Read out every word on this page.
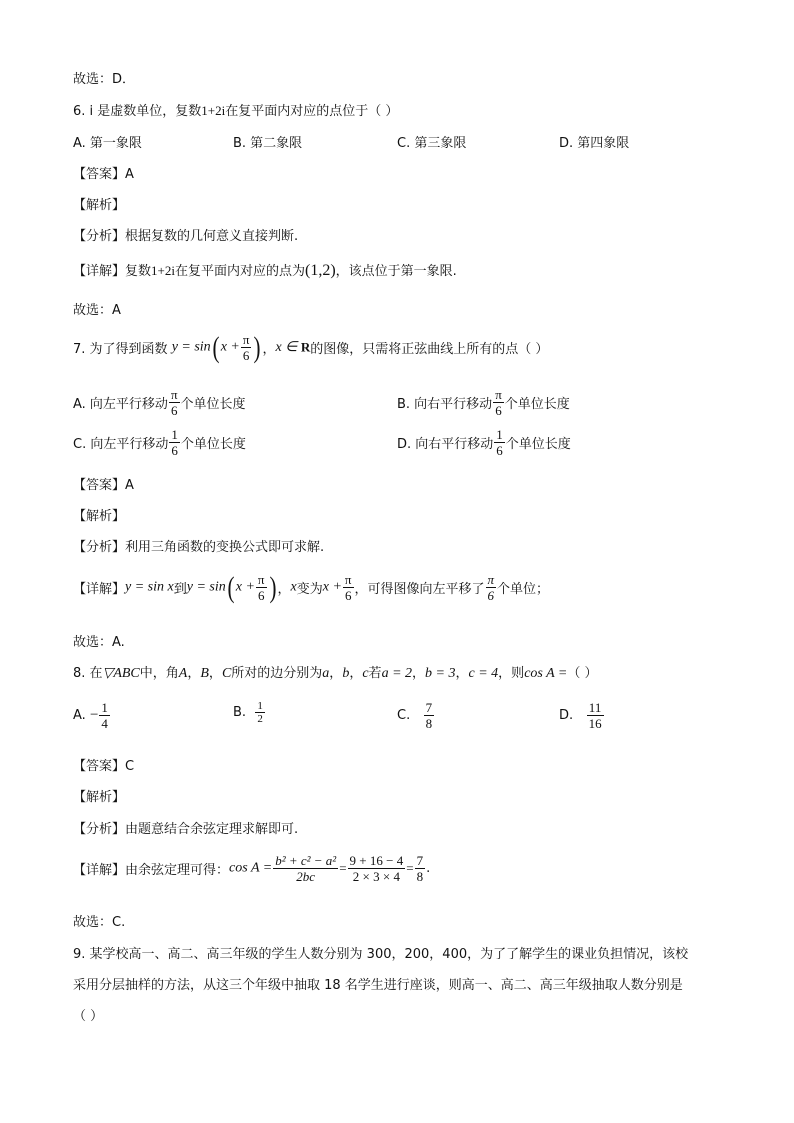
故选：D．
6. i 是虚数单位，复数1+2i在复平面内对应的点位于（ ）
A. 第一象限	B. 第二象限	C. 第三象限	D. 第四象限
【答案】A
【解析】
【分析】根据复数的几何意义直接判断.
【详解】复数1+2i在复平面内对应的点为(1,2)，该点位于第一象限.
故选：A
7. 为了得到函数 y = sin( $x + \frac{\pi}{6}$ ) ，x ∈ R的图像，只需将正弦曲线上所有的点（ ）
A. 向左平行移动 $\frac{\pi}{6}$ 个单位长度	B. 向右平行移动 $\frac{\pi}{6}$ 个单位长度
C. 向左平行移动 $\frac{1}{6}$ 个单位长度	D. 向右平行移动 $\frac{1}{6}$ 个单位长度
【答案】A
【解析】
【分析】利用三角函数的变换公式即可求解.
【详解】y = sin x到y = sin( $x + \frac{\pi}{6}$ ) ，x变为$x + \frac{\pi}{6}$ ，可得图像向左平移了 $\frac{\pi}{6}$ 个单位；
故选：A.
8. 在▽ABC中，角A，B，C所对的边分别为a，b，c若a = 2，b = 3，c = 4，则cos A =（ ）
A. − $\frac{1}{4}$	B. $\frac{1}{2}$	C. $\frac{7}{8}$	D. $\frac{11}{16}$
【答案】C
【解析】
【分析】由题意结合余弦定理求解即可.
【详解】由余弦定理可得：$\cos A = \frac{\text{b² + c² − a²}}{2bc} = \frac{9 + 16 - 4}{2 \times 3 \times 4} = \frac{7}{8}$ .
故选：C.
9. 某学校高一、高二、高三年级的学生人数分别为 300，200，400，为了了解学生的课业负担情况，该校
采用分层抽样的方法，从这三个年级中抽取 18 名学生进行座谈，则高一、高二、高三年级抽取人数分别是
（ ）
